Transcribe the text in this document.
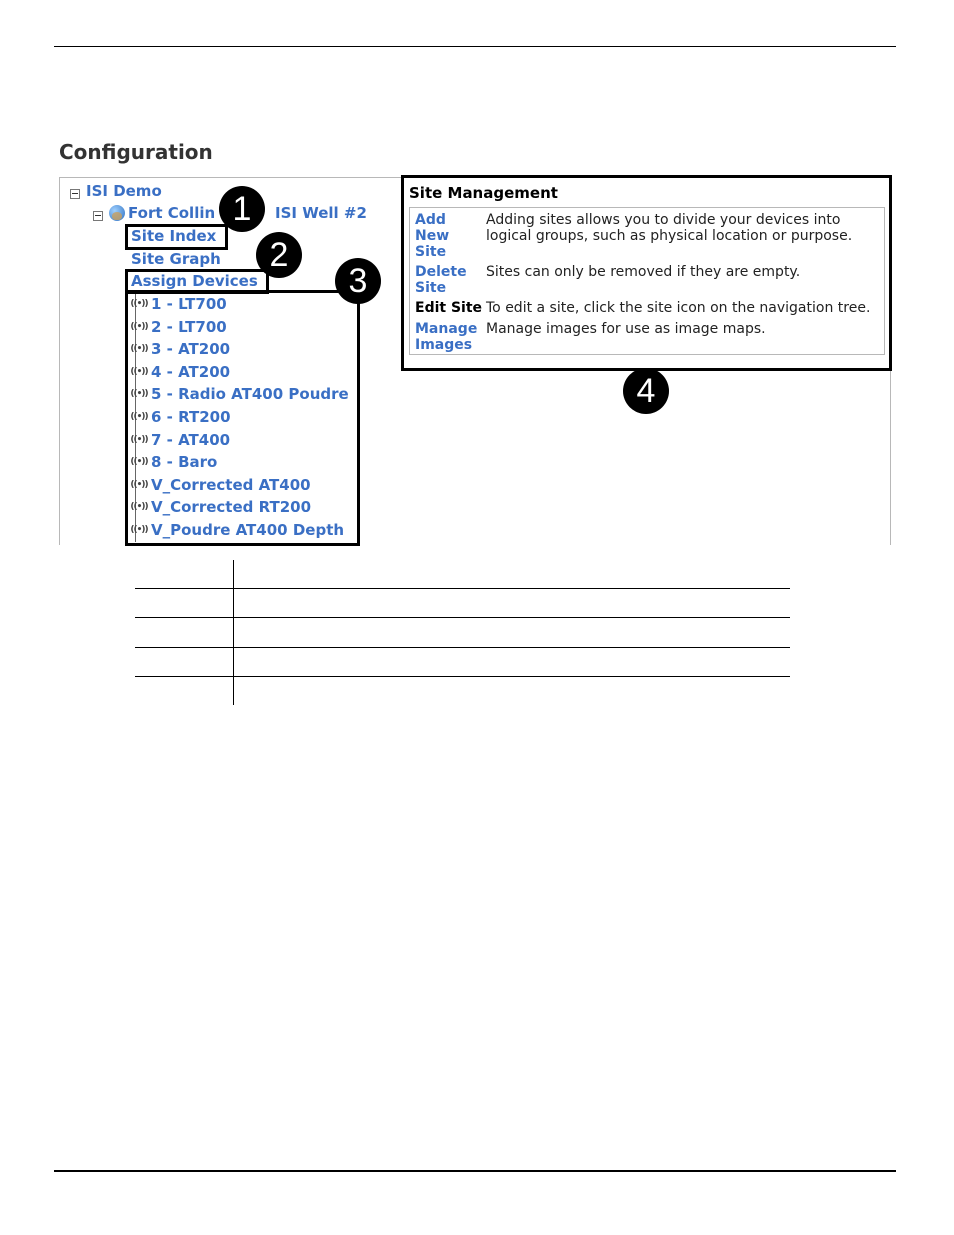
Configuration
ISI Demo
Fort Collin	ISI Well #2
Site Index
Site Graph
Assign Devices
((•)) 1 - LT700
((•)) 2 - LT700
((•)) 3 - AT200
((•)) 4 - AT200
((•)) 5 - Radio AT400 Poudre
((•)) 6 - RT200
((•)) 7 - AT400
((•)) 8 - Baro
((•)) V_Corrected AT400
((•)) V_Corrected RT200
((•)) V_Poudre AT400 Depth
1
2
3
Site Management
Add
New
Site
Adding sites allows you to divide your devices into
logical groups, such as physical location or purpose.
Delete
Site
Sites can only be removed if they are empty.
Edit Site To edit a site, click the site icon on the navigation tree.
Manage
Images
Manage images for use as image maps.
4
